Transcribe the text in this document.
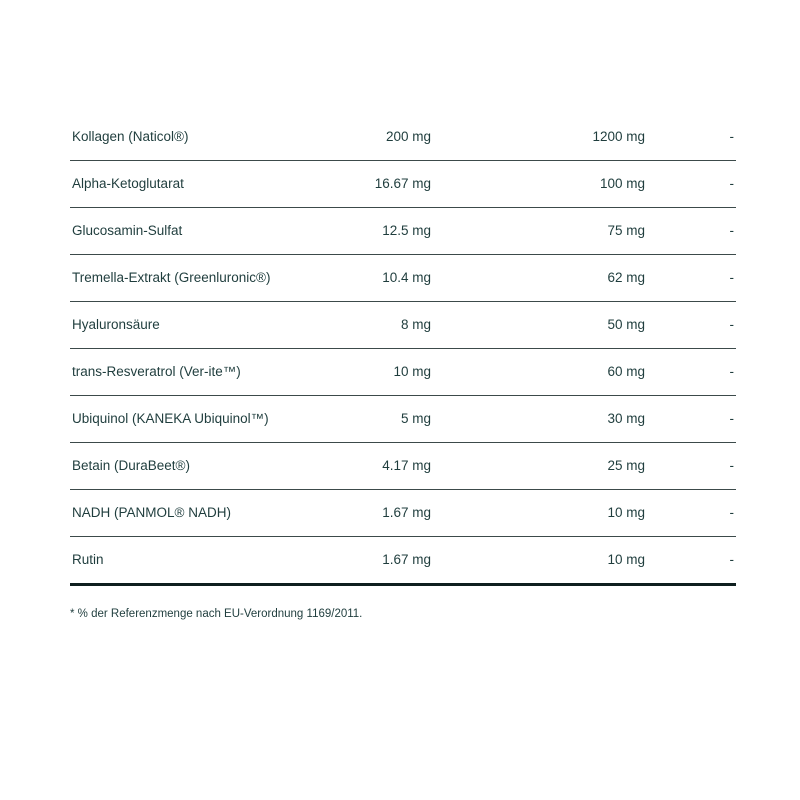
Kollagen (Naticol®)	200 mg	1200 mg	-
Alpha-Ketoglutarat	16.67 mg	100 mg	-
Glucosamin-Sulfat	12.5 mg	75 mg	-
Tremella-Extrakt (Greenluronic®)	10.4 mg	62 mg	-
Hyaluronsäure	8 mg	50 mg	-
trans-Resveratrol (Ver-ite™)	10 mg	60 mg	-
Ubiquinol (KANEKA Ubiquinol™)	5 mg	30 mg	-
Betain (DuraBeet®)	4.17 mg	25 mg	-
NADH (PANMOL® NADH)	1.67 mg	10 mg	-
Rutin	1.67 mg	10 mg	-
* % der Referenzmenge nach EU-Verordnung 1169/2011.
